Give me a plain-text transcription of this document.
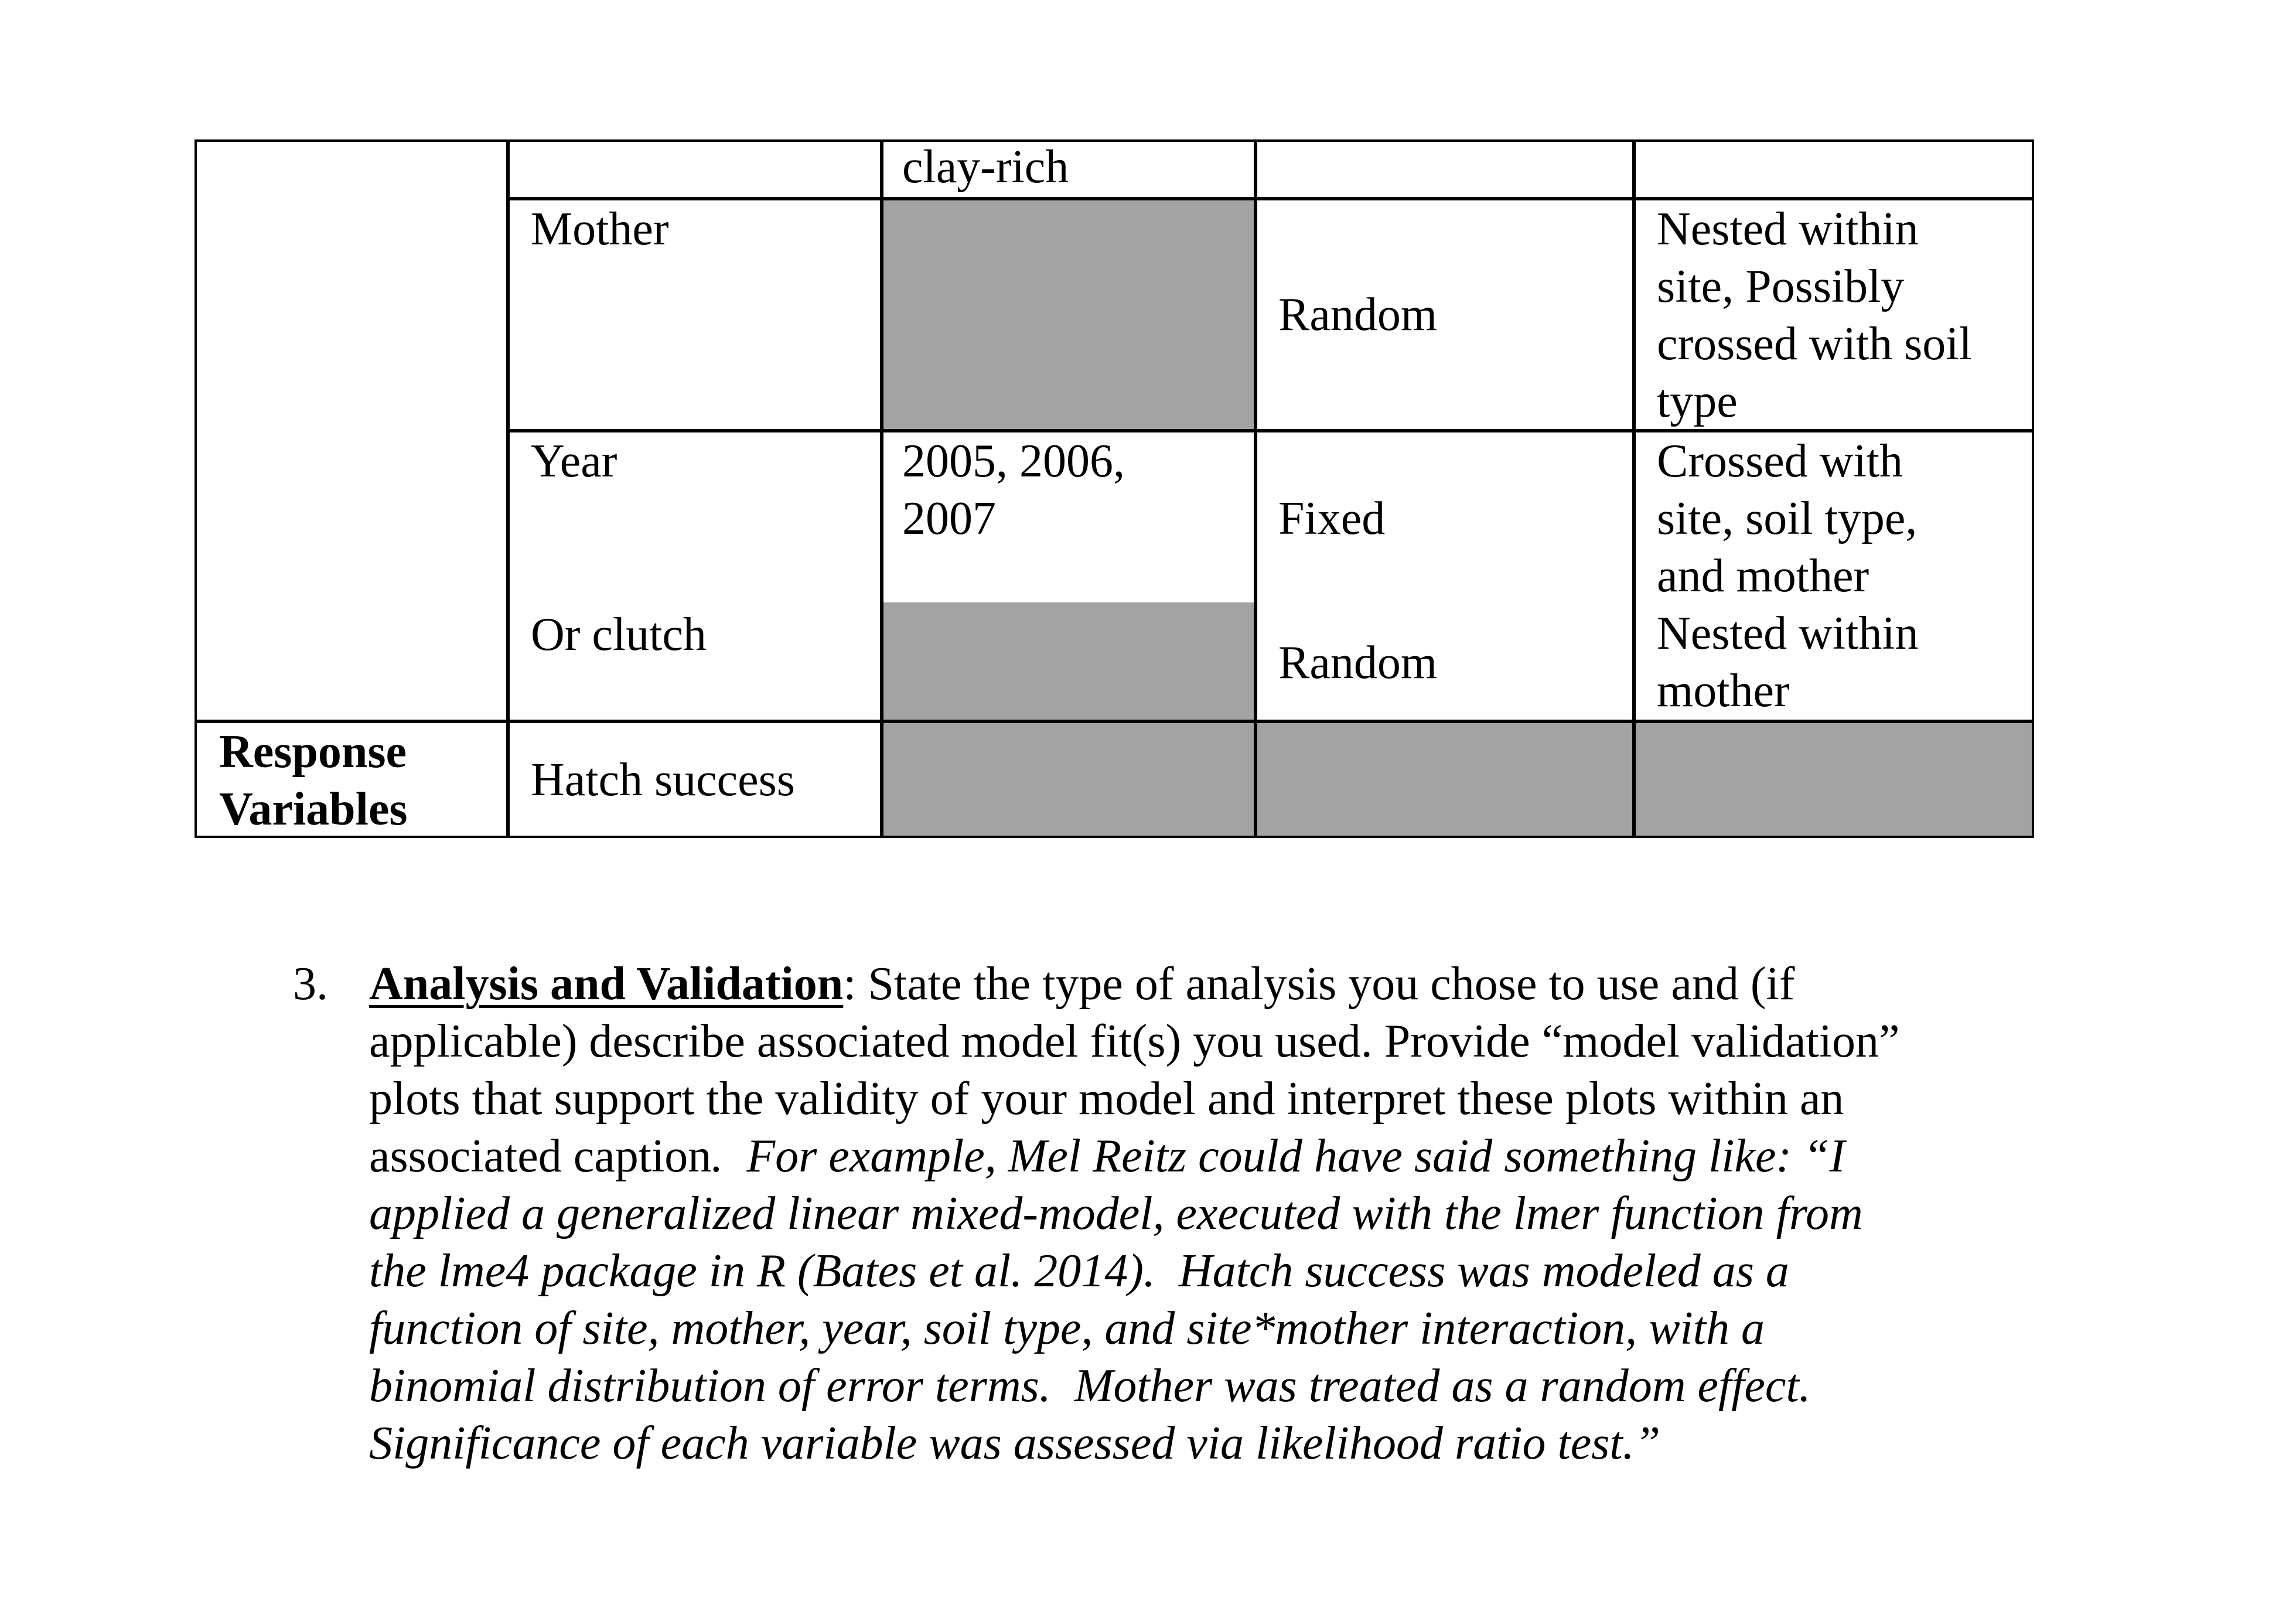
clay-rich
Mother
Random
Nested within
site, Possibly
crossed with soil
type
Year
Or clutch
2005, 2006,
2007	Fixed
Random
Crossed with
site, soil type,
and mother
Nested within
mother
Response
Variables
Hatch success
3. Analysis and Validation: State the type of analysis you chose to use and (if
applicable) describe associated model fit(s) you used. Provide “model validation”
plots that support the validity of your model and interpret these plots within an
associated caption.  For example, Mel Reitz could have said something like: “I
applied a generalized linear mixed-model, executed with the lmer function from
the lme4 package in R (Bates et al. 2014).  Hatch success was modeled as a
function of site, mother, year, soil type, and site*mother interaction, with a
binomial distribution of error terms.  Mother was treated as a random effect.
Significance of each variable was assessed via likelihood ratio test.”
